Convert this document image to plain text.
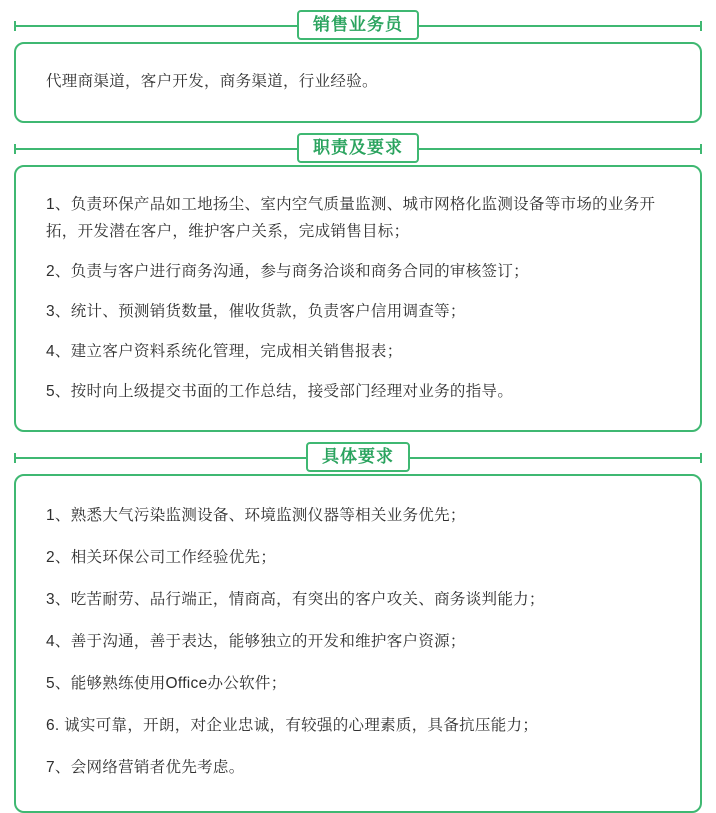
销售业务员

代理商渠道，客户开发，商务渠道，行业经验。

职责及要求

1、负责环保产品如工地扬尘、室内空气质量监测、城市网格化监测设备等市场的业务开拓，开发潜在客户，维护客户关系，完成销售目标；

2、负责与客户进行商务沟通，参与商务洽谈和商务合同的审核签订；

3、统计、预测销货数量，催收货款，负责客户信用调查等；

4、建立客户资料系统化管理，完成相关销售报表；

5、按时向上级提交书面的工作总结，接受部门经理对业务的指导。

具体要求

1、熟悉大气污染监测设备、环境监测仪器等相关业务优先；

2、相关环保公司工作经验优先；

3、吃苦耐劳、品行端正，情商高，有突出的客户攻关、商务谈判能力；

4、善于沟通，善于表达，能够独立的开发和维护客户资源；

5、能够熟练使用Office办公软件；

6. 诚实可靠，开朗，对企业忠诚，有较强的心理素质，具备抗压能力；

7、会网络营销者优先考虑。
